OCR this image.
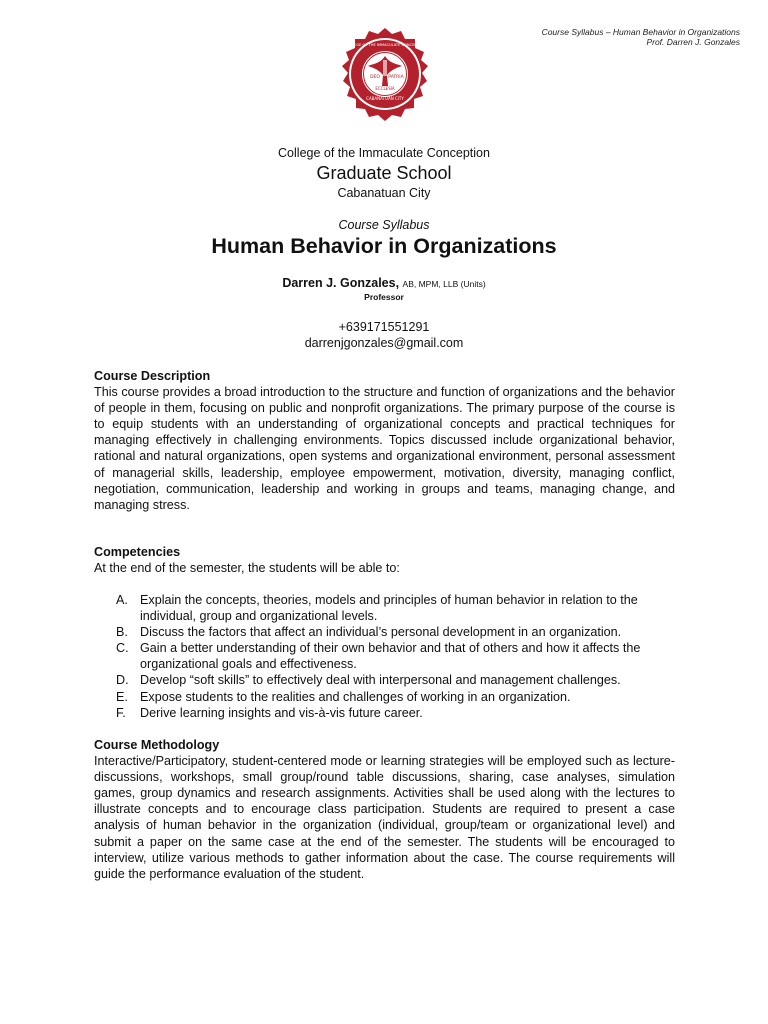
Course Syllabus – Human Behavior in Organizations
Prof. Darren J. Gonzales
DEO PATRIA
ECCLESIA
CABANATUAN CITY
COLLEGE OF THE IMMACULATE CONCEPTION
College of the Immaculate Conception
Graduate School
Cabanatuan City
Course Syllabus
Human Behavior in Organizations
Darren J. Gonzales, AB, MPM, LLB (Units)
Professor
+639171551291
darrenjgonzales@gmail.com
Course Description
This course provides a broad introduction to the structure and function of organizations and the behavior of people in them, focusing on public and nonprofit organizations. The primary purpose of the course is to equip students with an understanding of organizational concepts and practical techniques for managing effectively in challenging environments. Topics discussed include organizational behavior, rational and natural organizations, open systems and organizational environment, personal assessment of managerial skills, leadership, employee empowerment, motivation, diversity, managing conflict, negotiation, communication, leadership and working in groups and teams, managing change, and managing stress.
Competencies
At the end of the semester, the students will be able to:
A. Explain the concepts, theories, models and principles of human behavior in relation to the individual, group and organizational levels.
B. Discuss the factors that affect an individual’s personal development in an organization.
C. Gain a better understanding of their own behavior and that of others and how it affects the organizational goals and effectiveness.
D. Develop “soft skills” to effectively deal with interpersonal and management challenges.
E. Expose students to the realities and challenges of working in an organization.
F. Derive learning insights and vis-à-vis future career.
Course Methodology
Interactive/Participatory, student-centered mode or learning strategies will be employed such as lecture-discussions, workshops, small group/round table discussions, sharing, case analyses, simulation games, group dynamics and research assignments. Activities shall be used along with the lectures to illustrate concepts and to encourage class participation. Students are required to present a case analysis of human behavior in the organization (individual, group/team or organizational level) and submit a paper on the same case at the end of the semester. The students will be encouraged to interview, utilize various methods to gather information about the case. The course requirements will guide the performance evaluation of the student.
